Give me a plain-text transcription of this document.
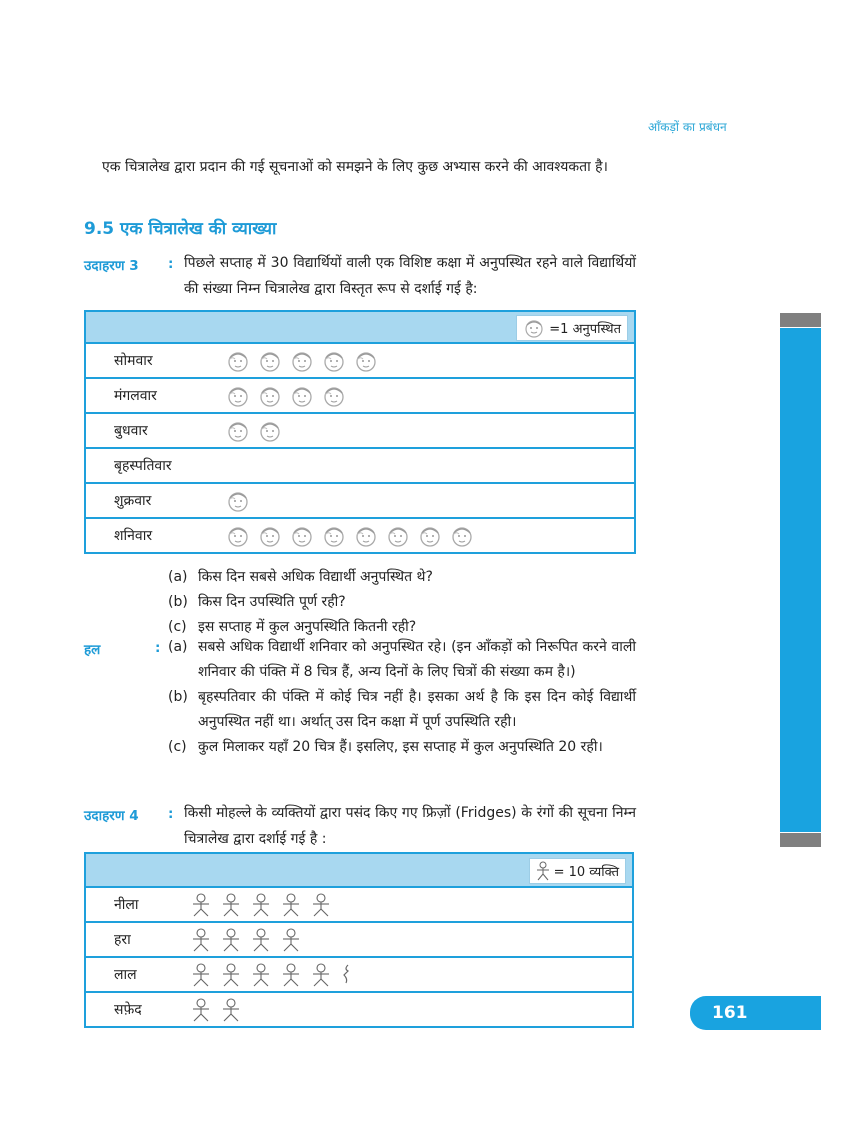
आँकड़ों का प्रबंधन
एक चित्रालेख द्वारा प्रदान की गई सूचनाओं को समझने के लिए कुछ अभ्यास करने की आवश्यकता है।
9.5 एक चित्रालेख की व्याख्या
उदाहरण 3 : पिछले सप्ताह में 30 विद्यार्थियों वाली एक विशिष्ट कक्षा में अनुपस्थित रहने वाले विद्यार्थियों की संख्या निम्न चित्रालेख द्वारा विस्तृत रूप से दर्शाई गई है:
=1 अनुपस्थित
सोमवार
मंगलवार
बुधवार
बृहस्पतिवार
शुक्रवार
शनिवार
(a) किस दिन सबसे अधिक विद्यार्थी अनुपस्थित थे?
(b) किस दिन उपस्थिति पूर्ण रही?
(c) इस सप्ताह में कुल अनुपस्थिति कितनी रही?
हल	: (a) सबसे अधिक विद्यार्थी शनिवार को अनुपस्थित रहे। (इन आँकड़ों को निरूपित करने वाली शनिवार की पंक्ति में 8 चित्र हैं, अन्य दिनों के लिए चित्रों की संख्या कम है।)
(b) बृहस्पतिवार की पंक्ति में कोई चित्र नहीं है। इसका अर्थ है कि इस दिन कोई विद्यार्थी अनुपस्थित नहीं था। अर्थात् उस दिन कक्षा में पूर्ण उपस्थिति रही।
(c) कुल मिलाकर यहाँ 20 चित्र हैं। इसलिए, इस सप्ताह में कुल अनुपस्थिति 20 रही।
उदाहरण 4 : किसी मोहल्ले के व्यक्तियों द्वारा पसंद किए गए फ्रिज़ों (Fridges) के रंगों की सूचना निम्न चित्रालेख द्वारा दर्शाई गई है :
= 10 व्यक्ति
नीला
हरा
लाल
सफ़ेद	161
